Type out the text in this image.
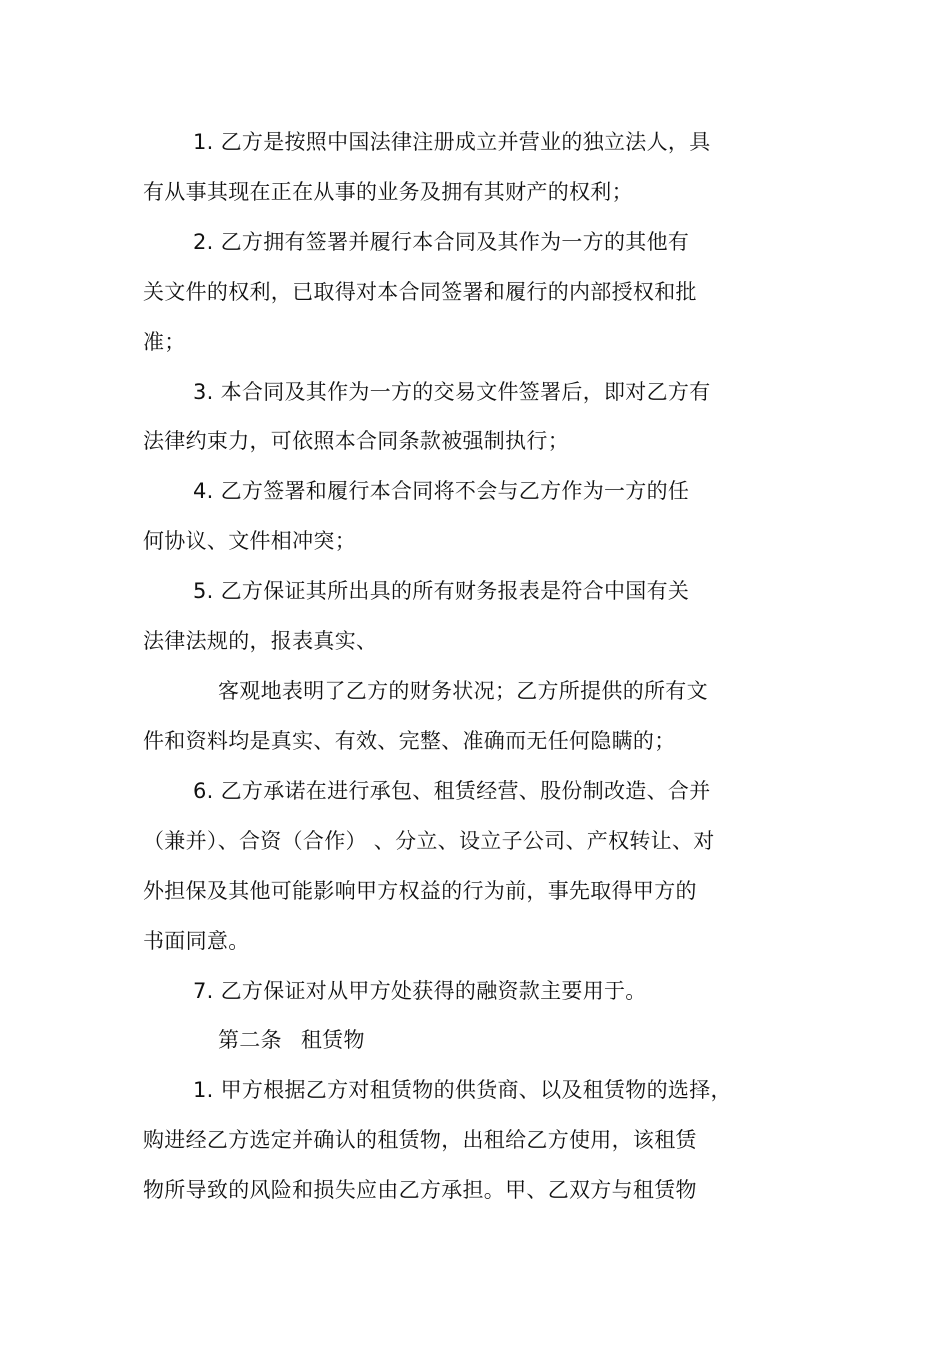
1. 乙方是按照中国法律注册成立并营业的独立法人，具
有从事其现在正在从事的业务及拥有其财产的权利；
2. 乙方拥有签署并履行本合同及其作为一方的其他有
关文件的权利，已取得对本合同签署和履行的内部授权和批
准；
3. 本合同及其作为一方的交易文件签署后，即对乙方有
法律约束力，可依照本合同条款被强制执行；
4. 乙方签署和履行本合同将不会与乙方作为一方的任
何协议、文件相冲突；
5. 乙方保证其所出具的所有财务报表是符合中国有关
法律法规的，报表真实、
客观地表明了乙方的财务状况；乙方所提供的所有文
件和资料均是真实、有效、完整、准确而无任何隐瞒的；
6. 乙方承诺在进行承包、租赁经营、股份制改造、合并
（兼并）、合资（合作） 、分立、设立子公司、产权转让、对
外担保及其他可能影响甲方权益的行为前，事先取得甲方的
书面同意。
7. 乙方保证对从甲方处获得的融资款主要用于。
第二条 租赁物
1. 甲方根据乙方对租赁物的供货商、以及租赁物的选择，
购进经乙方选定并确认的租赁物，出租给乙方使用，该租赁
物所导致的风险和损失应由乙方承担。甲、乙双方与租赁物
